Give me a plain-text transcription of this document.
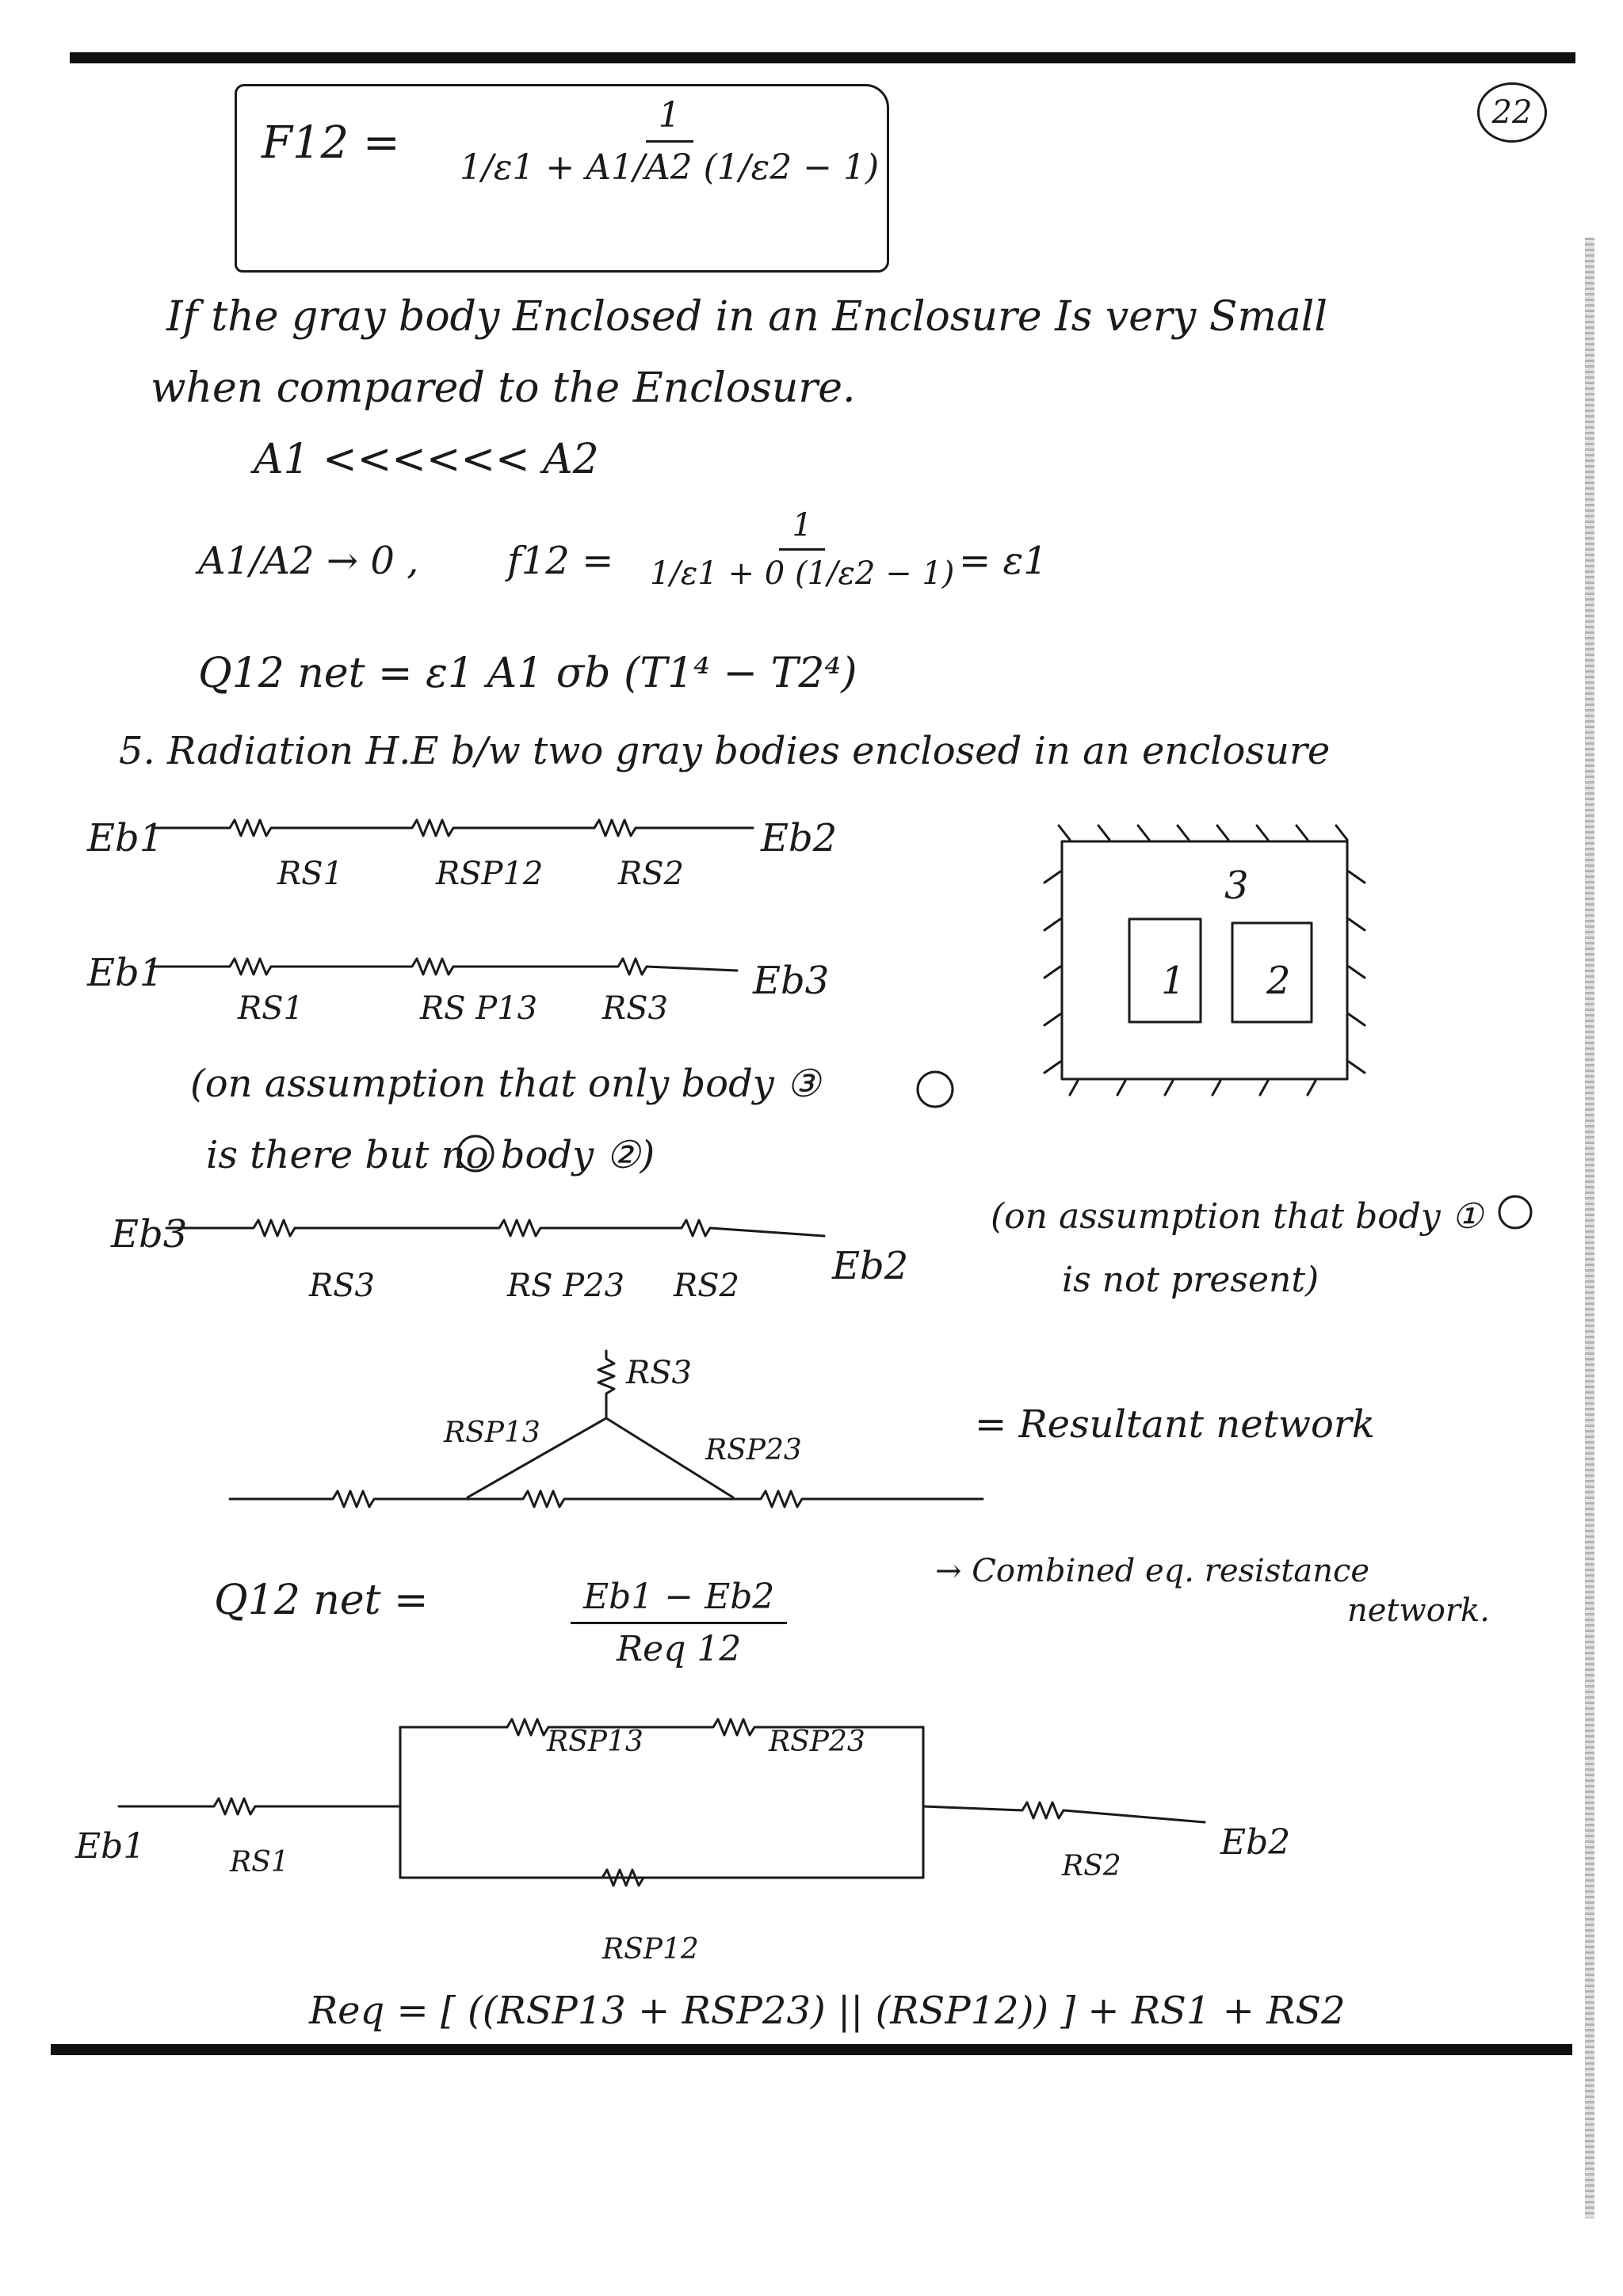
22
$F12 = \frac{1}{1/\varepsilon 1 + A1/A2 (1/\varepsilon 2 - 1)}$
If the gray body Enclosed in an Enclosure Is very Small
when compared to the Enclosure.
A1 <<<<<< A2
A1/A2 → 0 , $f12 = \frac{1}{1/\varepsilon 1 + 0 (1/\varepsilon 2 - 1)} = \varepsilon 1$
Q12 net = ε1 A1 σb (T1⁴ − T2⁴)
5. Radiation H.E b/w two gray bodies enclosed in an enclosure
Eb1
RS1	RSP12 RS2
Eb2
Eb1
RS1	RS P13 RS3
Eb3
(on assumption that only body ③
is there but no body ②)
Eb3
RS3	RS P23 RS2 Eb2
(on assumption that body ①
is not present)
3
1 2
RS3
RSP13
RSP23
= Resultant network
Q12 net =	Eb1 − Eb2
Req 12
→ Combined eq. resistance
network.
Eb1	RS1
RSP13	RSP23
RSP12
RS2
Eb2
Req = [ ((RSP13 + RSP23) || (RSP12)) ] + RS1 + RS2
